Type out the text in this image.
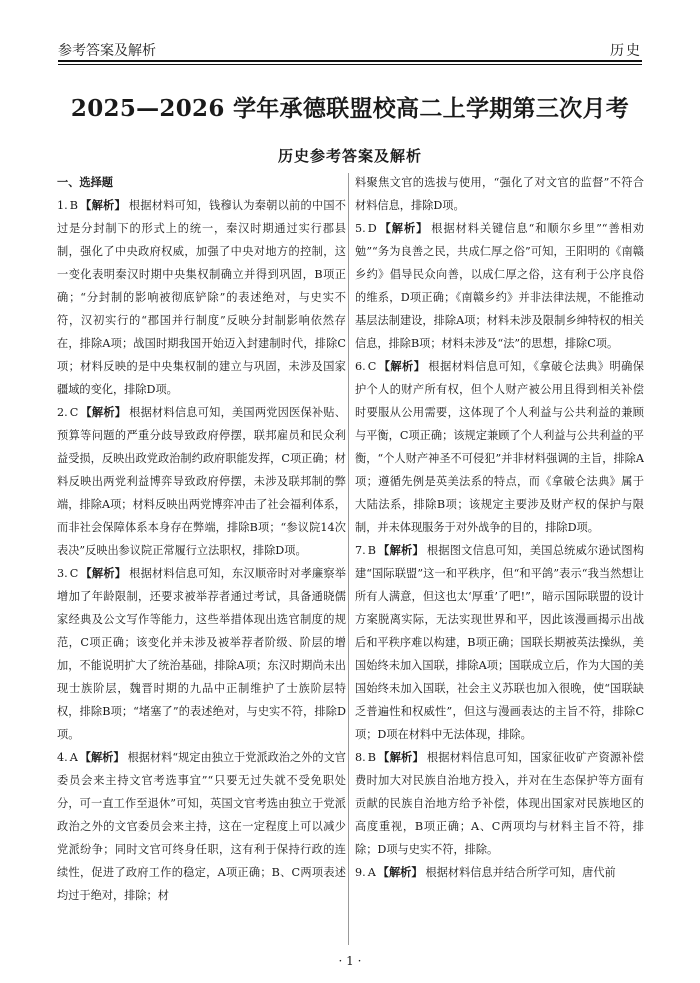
参考答案及解析	历史
2025—2026 学年承德联盟校高二上学期第三次月考
历史参考答案及解析
一、选择题

1. B 【解析】 根据材料可知，钱穆认为秦朝以前的中国不过是分封制下的形式上的统一，秦汉时期通过实行郡县制，强化了中央政府权威，加强了中央对地方的控制，这一变化表明秦汉时期中央集权制确立并得到巩固，B项正确；“分封制的影响被彻底铲除”的表述绝对，与史实不符，汉初实行的“郡国并行制度”反映分封制影响依然存在，排除A项；战国时期我国开始迈入封建制时代，排除C项；材料反映的是中央集权制的建立与巩固，未涉及国家疆域的变化，排除D项。

2. C 【解析】 根据材料信息可知，美国两党因医保补贴、预算等问题的严重分歧导致政府停摆，联邦雇员和民众利益受损，反映出政党政治制约政府职能发挥，C项正确；材料反映出两党利益博弈导致政府停摆，未涉及联邦制的弊端，排除A项；材料反映出两党博弈冲击了社会福利体系，而非社会保障体系本身存在弊端，排除B项；“参议院14次表决”反映出参议院正常履行立法职权，排除D项。

3. C 【解析】 根据材料信息可知，东汉顺帝时对孝廉察举增加了年龄限制，还要求被举荐者通过考试，具备通晓儒家经典及公文写作等能力，这些举措体现出选官制度的规范，C项正确；该变化并未涉及被举荐者阶级、阶层的增加，不能说明扩大了统治基础，排除A项；东汉时期尚未出现士族阶层，魏晋时期的九品中正制维护了士族阶层特权，排除B项；“堵塞了”的表述绝对，与史实不符，排除D项。

4. A 【解析】 根据材料“规定由独立于党派政治之外的文官委员会来主持文官考选事宜”“只要无过失就不受免职处分，可一直工作至退休”可知，英国文官考选由独立于党派政治之外的文官委员会来主持，这在一定程度上可以减少党派纷争；同时文官可终身任职，这有利于保持行政的连续性，促进了政府工作的稳定，A项正确；B、C两项表述均过于绝对，排除；材

料聚焦文官的选拔与使用，“强化了对文官的监督”不符合材料信息，排除D项。

5. D 【解析】 根据材料关键信息“和顺尔乡里”“善相劝勉”“务为良善之民，共成仁厚之俗”可知，王阳明的《南赣乡约》倡导民众向善，以成仁厚之俗，这有利于公序良俗的维系，D项正确；《南赣乡约》并非法律法规，不能推动基层法制建设，排除A项；材料未涉及限制乡绅特权的相关信息，排除B项；材料未涉及“法”的思想，排除C项。

6. C 【解析】 根据材料信息可知，《拿破仑法典》明确保护个人的财产所有权，但个人财产被公用且得到相关补偿时要服从公用需要，这体现了个人利益与公共利益的兼顾与平衡，C项正确；该规定兼顾了个人利益与公共利益的平衡，“个人财产神圣不可侵犯”并非材料强调的主旨，排除A项；遵循先例是英美法系的特点，而《拿破仑法典》属于大陆法系，排除B项；该规定主要涉及财产权的保护与限制，并未体现服务于对外战争的目的，排除D项。

7. B 【解析】 根据图文信息可知，美国总统威尔逊试图构建“国际联盟”这一和平秩序，但“和平鸽”表示“我当然想让所有人满意，但这也太‘厚重’了吧!”，暗示国际联盟的设计方案脱离实际，无法实现世界和平，因此该漫画揭示出战后和平秩序难以构建，B项正确；国联长期被英法操纵，美国始终未加入国联，排除A项；国联成立后，作为大国的美国始终未加入国联，社会主义苏联也加入很晚，使“国联缺乏普遍性和权威性”，但这与漫画表达的主旨不符，排除C项；D项在材料中无法体现，排除。

8. B 【解析】 根据材料信息可知，国家征收矿产资源补偿费时加大对民族自治地方投入，并对在生态保护等方面有贡献的民族自治地方给予补偿，体现出国家对民族地区的高度重视，B项正确；A、C两项均与材料主旨不符，排除；D项与史实不符，排除。

9. A 【解析】 根据材料信息并结合所学可知，唐代前

· 1 ·
